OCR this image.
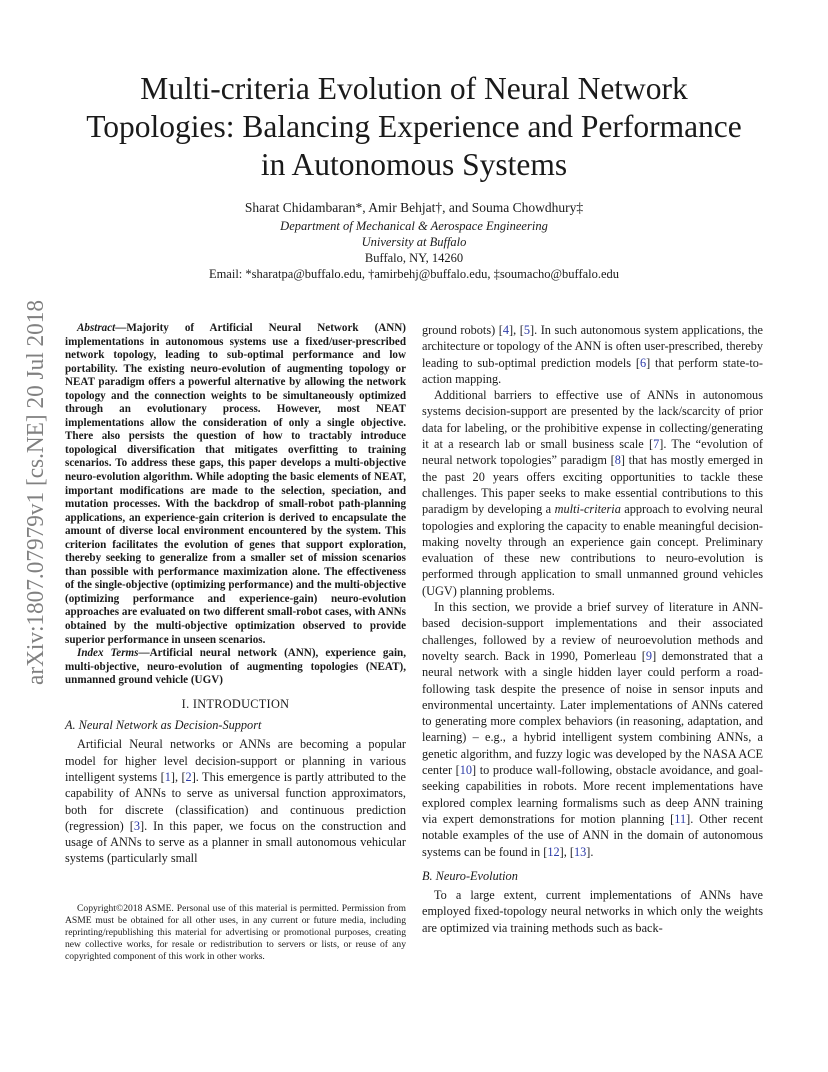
arXiv:1807.07979v1 [cs.NE] 20 Jul 2018
Multi-criteria Evolution of Neural Network
Topologies: Balancing Experience and Performance
in Autonomous Systems
Sharat Chidambaran*, Amir Behjat†, and Souma Chowdhury‡
Department of Mechanical & Aerospace Engineering
University at Buffalo
Buffalo, NY, 14260
Email: *sharatpa@buffalo.edu, †amirbehj@buffalo.edu, ‡soumacho@buffalo.edu

Abstract—Majority of Artificial Neural Network (ANN) implementations in autonomous systems use a fixed/user-prescribed network topology, leading to sub-optimal performance and low portability. The existing neuro-evolution of augmenting topology or NEAT paradigm offers a powerful alternative by allowing the network topology and the connection weights to be simultaneously optimized through an evolutionary process. However, most NEAT implementations allow the consideration of only a single objective. There also persists the question of how to tractably introduce topological diversification that mitigates overfitting to training scenarios. To address these gaps, this paper develops a multi-objective neuro-evolution algorithm. While adopting the basic elements of NEAT, important modifications are made to the selection, speciation, and mutation processes. With the backdrop of small-robot path-planning applications, an experience-gain criterion is derived to encapsulate the amount of diverse local environment encountered by the system. This criterion facilitates the evolution of genes that support exploration, thereby seeking to generalize from a smaller set of mission scenarios than possible with performance maximization alone. The effectiveness of the single-objective (optimizing performance) and the multi-objective (optimizing performance and experience-gain) neuro-evolution approaches are evaluated on two different small-robot cases, with ANNs obtained by the multi-objective optimization observed to provide superior performance in unseen scenarios.

Index Terms—Artificial neural network (ANN), experience gain, multi-objective, neuro-evolution of augmenting topologies (NEAT), unmanned ground vehicle (UGV)

I. INTRODUCTION
A. Neural Network as Decision-Support

Artificial Neural networks or ANNs are becoming a popular model for higher level decision-support or planning in various intelligent systems [1], [2]. This emergence is partly attributed to the capability of ANNs to serve as universal function approximators, both for discrete (classification) and continuous prediction (regression) [3]. In this paper, we focus on the construction and usage of ANNs to serve as a planner in small autonomous vehicular systems (particularly small

Copyright©2018 ASME. Personal use of this material is permitted. Permission from ASME must be obtained for all other uses, in any current or future media, including reprinting/republishing this material for advertising or promotional purposes, creating new collective works, for resale or redistribution to servers or lists, or reuse of any copyrighted component of this work in other works.

ground robots) [4], [5]. In such autonomous system applications, the architecture or topology of the ANN is often user-prescribed, thereby leading to sub-optimal prediction models [6] that perform state-to-action mapping.

Additional barriers to effective use of ANNs in autonomous systems decision-support are presented by the lack/scarcity of prior data for labeling, or the prohibitive expense in collecting/generating it at a research lab or small business scale [7]. The “evolution of neural network topologies” paradigm [8] that has mostly emerged in the past 20 years offers exciting opportunities to tackle these challenges. This paper seeks to make essential contributions to this paradigm by developing a multi-criteria approach to evolving neural topologies and exploring the capacity to enable meaningful decision-making novelty through an experience gain concept. Preliminary evaluation of these new contributions to neuro-evolution is performed through application to small unmanned ground vehicles (UGV) planning problems.

In this section, we provide a brief survey of literature in ANN-based decision-support implementations and their associated challenges, followed by a review of neuroevolution methods and novelty search. Back in 1990, Pomerleau [9] demonstrated that a neural network with a single hidden layer could perform a road-following task despite the presence of noise in sensor inputs and environmental uncertainty. Later implementations of ANNs catered to generating more complex behaviors (in reasoning, adaptation, and learning) – e.g., a hybrid intelligent system combining ANNs, a genetic algorithm, and fuzzy logic was developed by the NASA ACE center [10] to produce wall-following, obstacle avoidance, and goal-seeking capabilities in robots. More recent implementations have explored complex learning formalisms such as deep ANN training via expert demonstrations for motion planning [11]. Other recent notable examples of the use of ANN in the domain of autonomous systems can be found in [12], [13].

B. Neuro-Evolution

To a large extent, current implementations of ANNs have employed fixed-topology neural networks in which only the weights are optimized via training methods such as back-
